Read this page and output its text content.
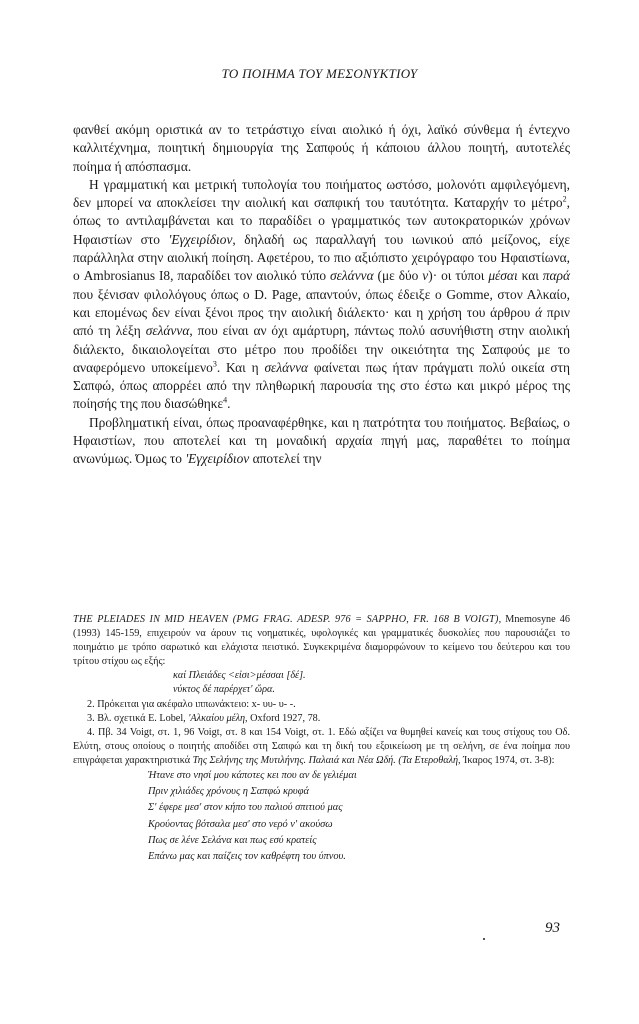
ΤΟ ΠΟΙΗΜΑ ΤΟΥ ΜΕΣΟΝΥΚΤΙΟΥ

φανθεί ακόμη οριστικά αν το τετράστιχο είναι αιολικό ή όχι, λαϊκό σύνθεμα ή έντεχνο καλλιτέχνημα, ποιητική δημιουργία της Σαπφούς ή κάποιου άλλου ποιητή, αυτοτελές ποίημα ή απόσπασμα.

Η γραμματική και μετρική τυπολογία του ποιήματος ωστόσο, μολονότι αμφιλεγόμενη, δεν μπορεί να αποκλείσει την αιολική και σαπφική του ταυτότητα. Καταρχήν το μέτρο$^2$, όπως το αντιλαμβάνεται και το παραδίδει ο γραμματικός των αυτοκρατορικών χρόνων Ηφαιστίων στο 'Εγχειρίδιον, δηλαδή ως παραλλαγή του ιωνικού από μείζονος, είχε παράλληλα στην αιολική ποίηση. Αφετέρου, το πιο αξιόπιστο χειρόγραφο του Ηφαιστίωνα, ο Ambrosianus I8, παραδίδει τον αιολικό τύπο σελάννα (με δύο ν)· οι τύποι μέσαι και παρά που ξένισαν φιλολόγους όπως ο D. Page, απαντούν, όπως έδειξε ο Gomme, στον Αλκαίο, και επομένως δεν είναι ξένοι προς την αιολική διάλεκτο· και η χρήση του άρθρου ά πριν από τη λέξη σελάννα, που είναι αν όχι αμάρτυρη, πάντως πολύ ασυνήθιστη στην αιολική διάλεκτο, δικαιολογείται στο μέτρο που προδίδει την οικειότητα της Σαπφούς με το αναφερόμενο υποκείμενο$^3$. Και η σελάννα φαίνεται πως ήταν πράγματι πολύ οικεία στη Σαπφώ, όπως απορρέει από την πληθωρική παρουσία της στο έστω και μικρό μέρος της ποίησής της που διασώθηκε$^4$.

Προβληματική είναι, όπως προαναφέρθηκε, και η πατρότητα του ποιήματος. Βεβαίως, ο Ηφαιστίων, που αποτελεί και τη μοναδική αρχαία πηγή μας, παραθέτει το ποίημα ανωνύμως. Όμως το 'Εγχειρίδιον αποτελεί την

THE PLEIADES IN MID HEAVEN (PMG FRAG. ADESP. 976 = SAPPHO, FR. 168 B VOIGT), Mnemosyne 46 (1993) 145-159, επιχειρούν να άρουν τις νοηματικές, υφολογικές και γραμματικές δυσκολίες που παρουσιάζει το ποιημάτιο με τρόπο σαρωτικό και ελάχιστα πειστικό. Συγκεκριμένα διαμορφώνουν το κείμενο του δεύτερου και του τρίτου στίχου ως εξής:

καί Πλειάδες <εἰσι>μέσσαι [δέ].

νύκτος δέ παρέρχετ' ὤρα.

2. Πρόκειται για ακέφαλο ιππωνάκτειο: x- υυ- υ- -.

3. Βλ. σχετικά E. Lobel, 'Αλκαίου μέλη, Oxford 1927, 78.

4. Πβ. 34 Voigt, στ. 1, 96 Voigt, στ. 8 και 154 Voigt, στ. 1. Εδώ αξίζει να θυμηθεί κανείς και τους στίχους του Οδ. Ελύτη, στους οποίους ο ποιητής αποδίδει στη Σαπφώ και τη δική του εξοικείωση με τη σελήνη, σε ένα ποίημα που επιγράφεται χαρακτηριστικά Της Σελήνης της Μυτιλήνης. Παλαιά και Νέα Ωδή. (Τα Ετεροθαλή, Ίκαρος 1974, στ. 3-8):

Ήτανε στο νησί μου κάποτες κει που αν δε γελιέμαι

Πριν χιλιάδες χρόνους η Σαπφώ κρυφά

Σ' έφερε μεσ' στον κήπο του παλιού σπιτιού μας

Κρούοντας βότσαλα μεσ' στο νερό ν' ακούσω

Πως σε λένε Σελάνα και πως εσύ κρατείς

Επάνω μας και παίζεις τον καθρέφτη του ύπνου.

93
